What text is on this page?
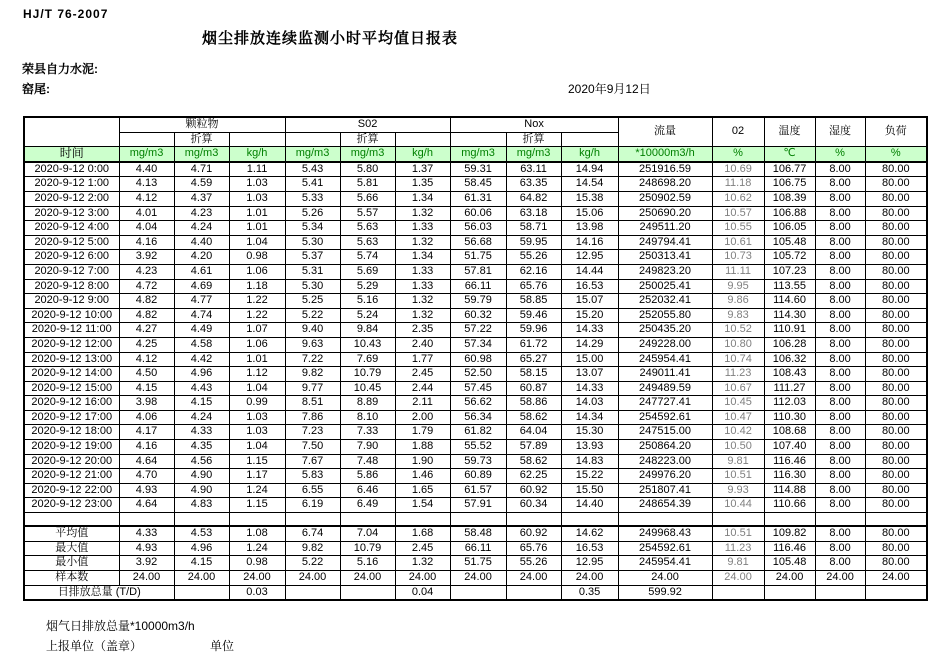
HJ/T 76-2007
烟尘排放连续监测小时平均值日报表
荣县自力水泥:
窑尾:	2020年9月12日
	颗粒物			S02			Nox			流量	02	温度	湿度	负荷
		折算			折算			折算						
时间	mg/m3	mg/m3	kg/h	mg/m3	mg/m3	kg/h	mg/m3	mg/m3	kg/h	*10000m3/h	%	℃	%	%
2020-9-12 0:00	4.40	4.71	1.11	5.43	5.80	1.37	59.31	63.11	14.94	251916.59	10.69	106.77	8.00	80.00
2020-9-12 1:00	4.13	4.59	1.03	5.41	5.81	1.35	58.45	63.35	14.54	248698.20	11.18	106.75	8.00	80.00
2020-9-12 2:00	4.12	4.37	1.03	5.33	5.66	1.34	61.31	64.82	15.38	250902.59	10.62	108.39	8.00	80.00
2020-9-12 3:00	4.01	4.23	1.01	5.26	5.57	1.32	60.06	63.18	15.06	250690.20	10.57	106.88	8.00	80.00
2020-9-12 4:00	4.04	4.24	1.01	5.34	5.63	1.33	56.03	58.71	13.98	249511.20	10.55	106.05	8.00	80.00
2020-9-12 5:00	4.16	4.40	1.04	5.30	5.63	1.32	56.68	59.95	14.16	249794.41	10.61	105.48	8.00	80.00
2020-9-12 6:00	3.92	4.20	0.98	5.37	5.74	1.34	51.75	55.26	12.95	250313.41	10.73	105.72	8.00	80.00
2020-9-12 7:00	4.23	4.61	1.06	5.31	5.69	1.33	57.81	62.16	14.44	249823.20	11.11	107.23	8.00	80.00
2020-9-12 8:00	4.72	4.69	1.18	5.30	5.29	1.33	66.11	65.76	16.53	250025.41	9.95	113.55	8.00	80.00
2020-9-12 9:00	4.82	4.77	1.22	5.25	5.16	1.32	59.79	58.85	15.07	252032.41	9.86	114.60	8.00	80.00
2020-9-12 10:00	4.82	4.74	1.22	5.22	5.24	1.32	60.32	59.46	15.20	252055.80	9.83	114.30	8.00	80.00
2020-9-12 11:00	4.27	4.49	1.07	9.40	9.84	2.35	57.22	59.96	14.33	250435.20	10.52	110.91	8.00	80.00
2020-9-12 12:00	4.25	4.58	1.06	9.63	10.43	2.40	57.34	61.72	14.29	249228.00	10.80	106.28	8.00	80.00
2020-9-12 13:00	4.12	4.42	1.01	7.22	7.69	1.77	60.98	65.27	15.00	245954.41	10.74	106.32	8.00	80.00
2020-9-12 14:00	4.50	4.96	1.12	9.82	10.79	2.45	52.50	58.15	13.07	249011.41	11.23	108.43	8.00	80.00
2020-9-12 15:00	4.15	4.43	1.04	9.77	10.45	2.44	57.45	60.87	14.33	249489.59	10.67	111.27	8.00	80.00
2020-9-12 16:00	3.98	4.15	0.99	8.51	8.89	2.11	56.62	58.86	14.03	247727.41	10.45	112.03	8.00	80.00
2020-9-12 17:00	4.06	4.24	1.03	7.86	8.10	2.00	56.34	58.62	14.34	254592.61	10.47	110.30	8.00	80.00
2020-9-12 18:00	4.17	4.33	1.03	7.23	7.33	1.79	61.82	64.04	15.30	247515.00	10.42	108.68	8.00	80.00
2020-9-12 19:00	4.16	4.35	1.04	7.50	7.90	1.88	55.52	57.89	13.93	250864.20	10.50	107.40	8.00	80.00
2020-9-12 20:00	4.64	4.56	1.15	7.67	7.48	1.90	59.73	58.62	14.83	248223.00	9.81	116.46	8.00	80.00
2020-9-12 21:00	4.70	4.90	1.17	5.83	5.86	1.46	60.89	62.25	15.22	249976.20	10.51	116.30	8.00	80.00
2020-9-12 22:00	4.93	4.90	1.24	6.55	6.46	1.65	61.57	60.92	15.50	251807.41	9.93	114.88	8.00	80.00
2020-9-12 23:00	4.64	4.83	1.15	6.19	6.49	1.54	57.91	60.34	14.40	248654.39	10.44	110.66	8.00	80.00

平均值	4.33	4.53	1.08	6.74	7.04	1.68	58.48	60.92	14.62	249968.43	10.51	109.82	8.00	80.00
最大值	4.93	4.96	1.24	9.82	10.79	2.45	66.11	65.76	16.53	254592.61	11.23	116.46	8.00	80.00
最小值	3.92	4.15	0.98	5.22	5.16	1.32	51.75	55.26	12.95	245954.41	9.81	105.48	8.00	80.00
样本数	24.00	24.00	24.00	24.00	24.00	24.00	24.00	24.00	24.00	24.00	24.00	24.00	24.00	24.00
日排放总量 (T/D)			0.03			0.04			0.35	599.92				
烟气日排放总量*10000m3/h
上报单位（盖章）	单位
